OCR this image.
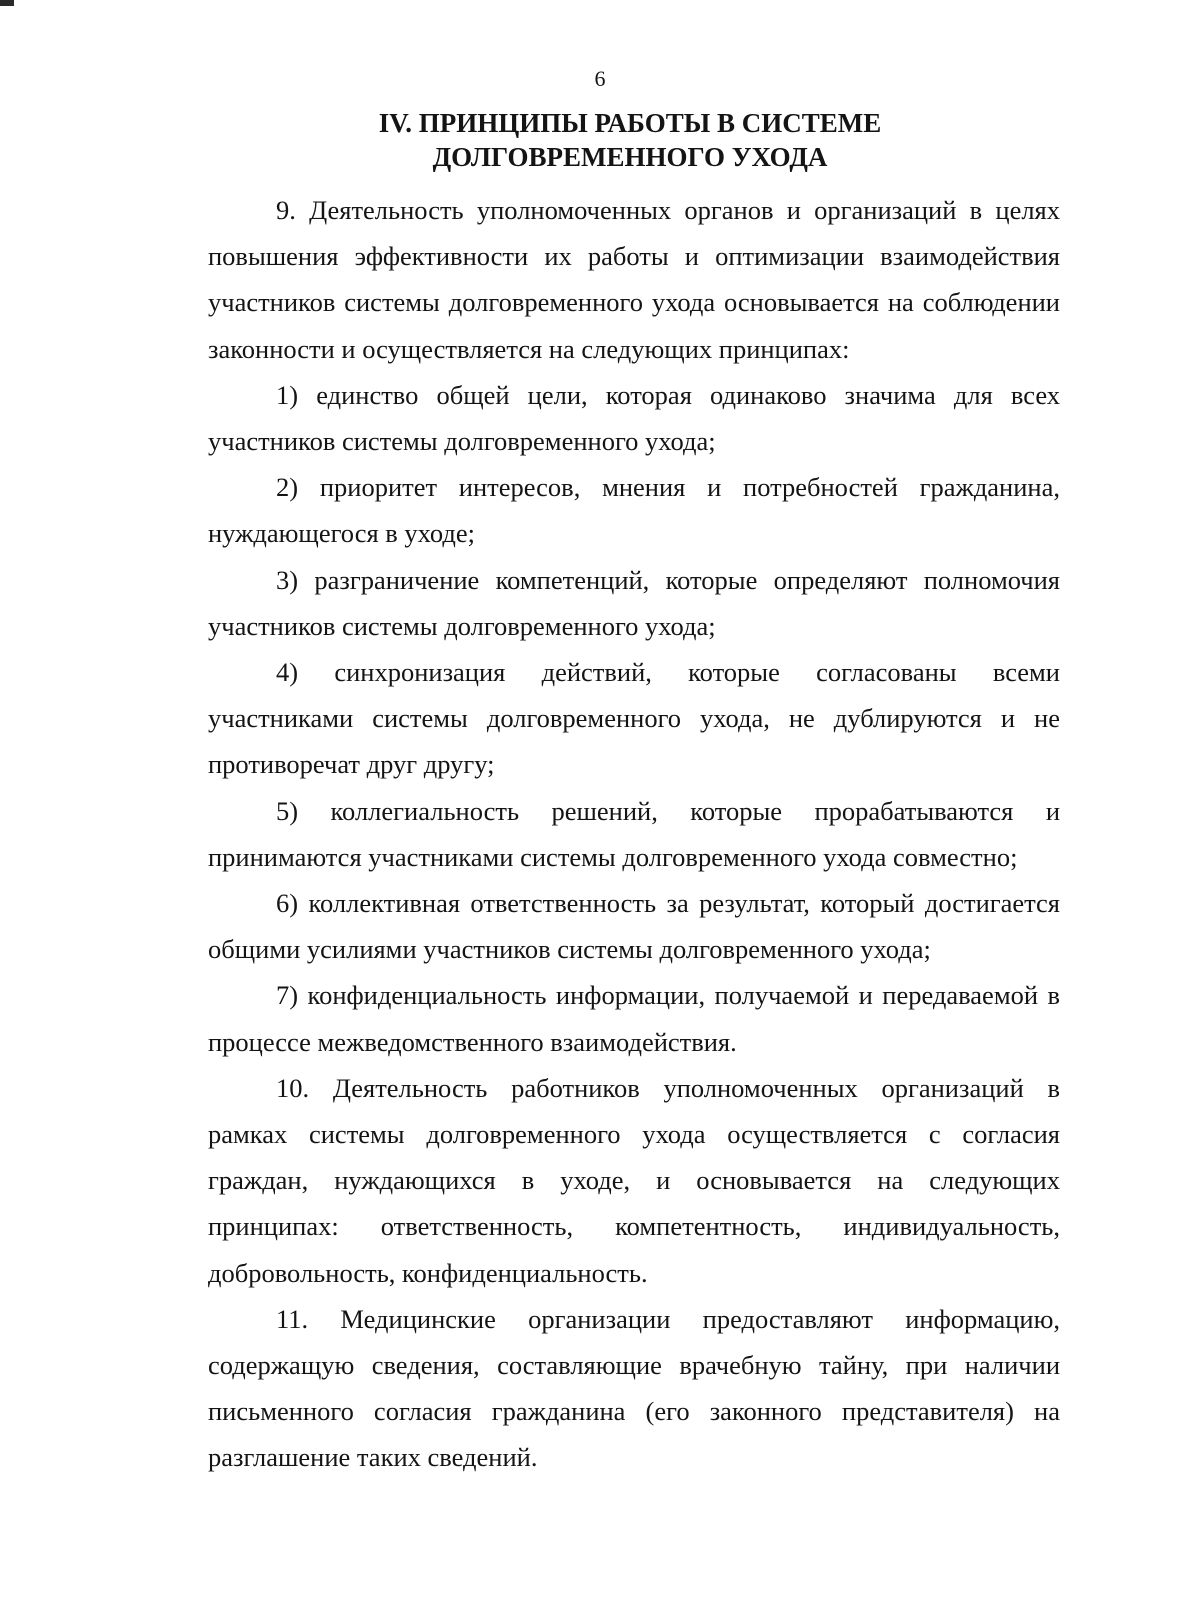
6
IV. ПРИНЦИПЫ РАБОТЫ В СИСТЕМЕ
ДОЛГОВРЕМЕННОГО УХОДА

9. Деятельность уполномоченных органов и организаций в целях повышения эффективности их работы и оптимизации взаимодействия участников системы долговременного ухода основывается на соблюдении законности и осуществляется на следующих принципах:

1) единство общей цели, которая одинаково значима для всех участников системы долговременного ухода;

2) приоритет интересов, мнения и потребностей гражданина, нуждающегося в уходе;

3) разграничение компетенций, которые определяют полномочия участников системы долговременного ухода;

4) синхронизация действий, которые согласованы всеми участниками системы долговременного ухода, не дублируются и не противоречат друг другу;

5) коллегиальность решений, которые прорабатываются и принимаются участниками системы долговременного ухода совместно;

6) коллективная ответственность за результат, который достигается общими усилиями участников системы долговременного ухода;

7) конфиденциальность информации, получаемой и передаваемой в процессе межведомственного взаимодействия.

10. Деятельность работников уполномоченных организаций в рамках системы долговременного ухода осуществляется с согласия граждан, нуждающихся в уходе, и основывается на следующих принципах: ответственность, компетентность, индивидуальность, добровольность, конфиденциальность.

11. Медицинские организации предоставляют информацию, содержащую сведения, составляющие врачебную тайну, при наличии письменного согласия гражданина (его законного представителя) на разглашение таких сведений.
